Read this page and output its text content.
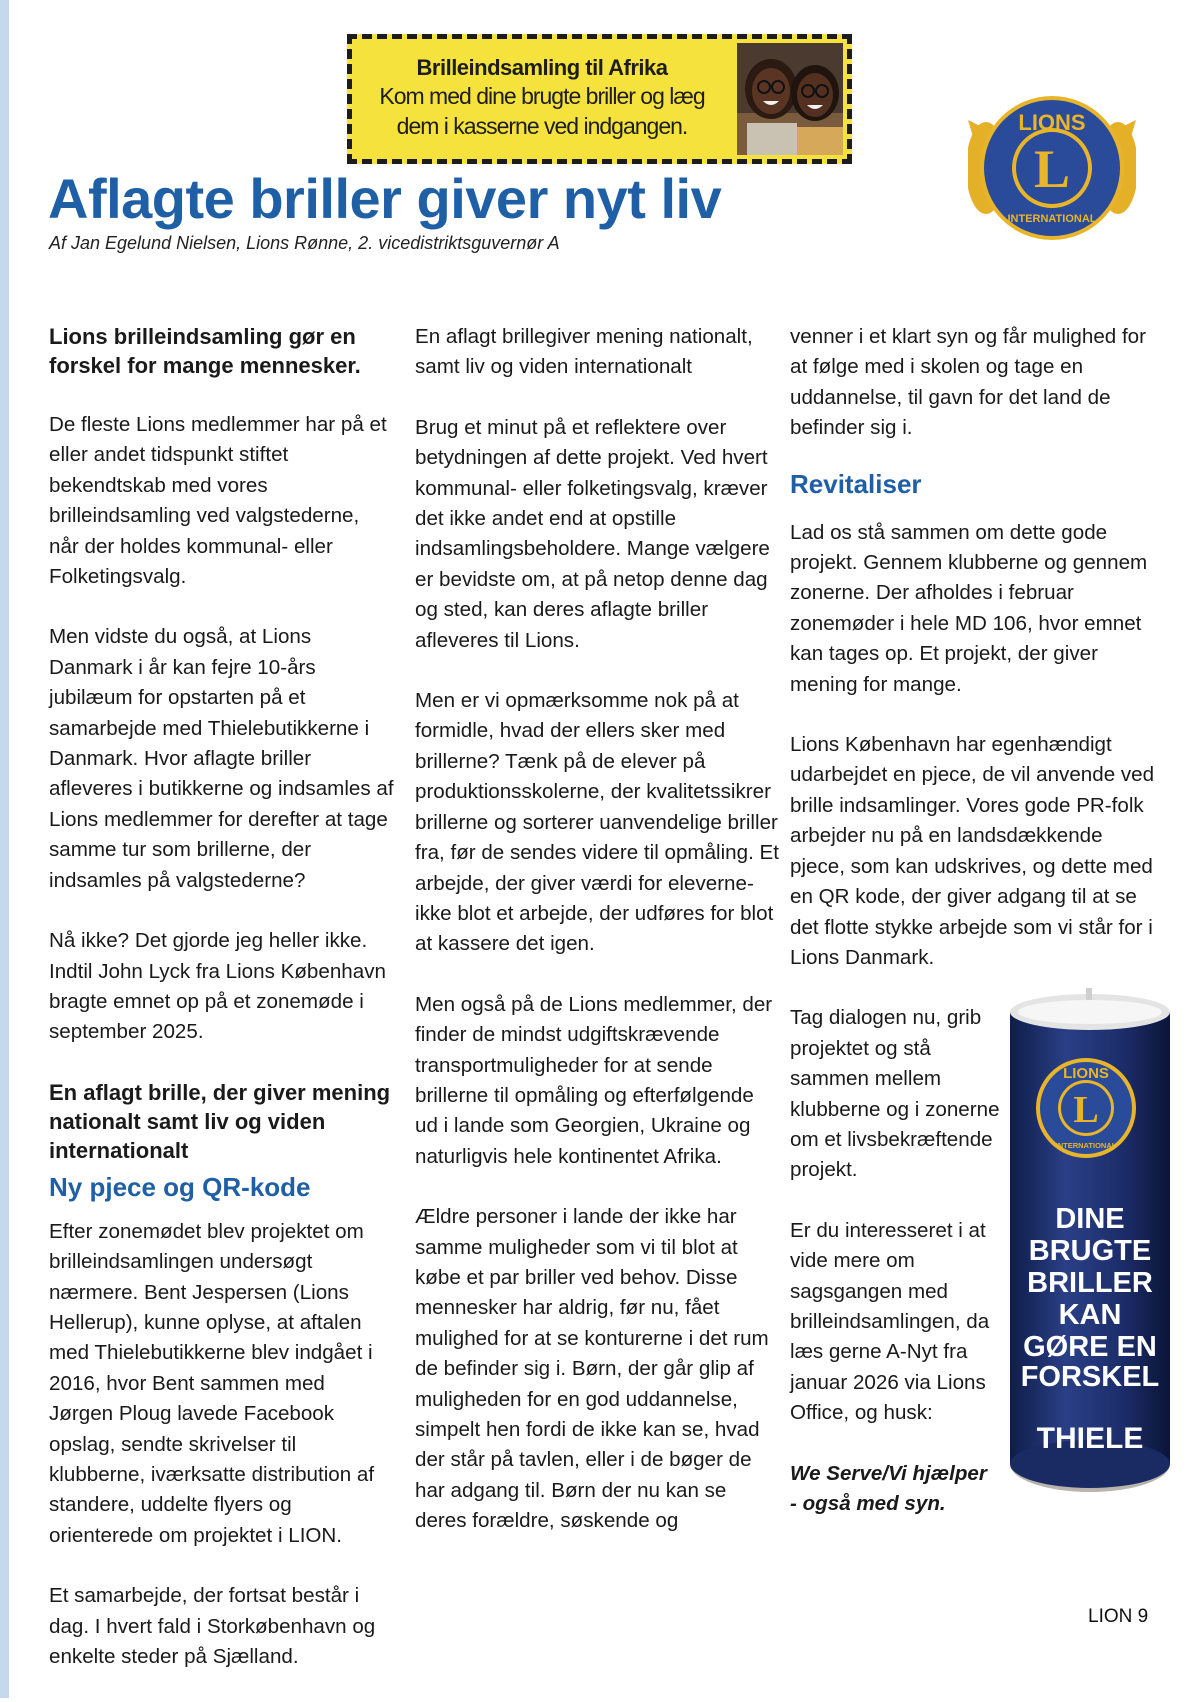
Brilleindsamling til Afrika
Kom med dine brugte briller og læg
dem i kasserne ved indgangen.
L
LIONS
INTERNATIONAL
Aflagte briller giver nyt liv

Af Jan Egelund Nielsen, Lions Rønne, 2. vicedistriktsguvernør A

Lions brilleindsamling gør en forskel for mange mennesker.

De fleste Lions medlemmer har på et eller andet tidspunkt stiftet bekendtskab med vores brilleindsamling ved valgstederne, når der holdes kommunal- eller Folketingsvalg.

Men vidste du også, at Lions Danmark i år kan fejre 10-års jubilæum for opstarten på et samarbejde med Thielebutikkerne i Danmark. Hvor aflagte briller afleveres i butikkerne og indsamles af Lions medlemmer for derefter at tage samme tur som brillerne, der indsamles på valgstederne?

Nå ikke? Det gjorde jeg heller ikke. Indtil John Lyck fra Lions København bragte emnet op på et zonemøde i september 2025.

En aflagt brille, der giver mening nationalt samt liv og viden internationalt

Ny pjece og QR-kode

Efter zonemødet blev projektet om brilleindsamlingen undersøgt nærmere. Bent Jespersen (Lions Hellerup), kunne oplyse, at aftalen med Thielebutikkerne blev indgået i 2016, hvor Bent sammen med Jørgen Ploug lavede Facebook opslag, sendte skrivelser til klubberne, iværksatte distribution af standere, uddelte flyers og orienterede om projektet i LION.

Et samarbejde, der fortsat består i dag. I hvert fald i Storkøbenhavn og enkelte steder på Sjælland.

En aflagt brillegiver mening nationalt, samt liv og viden internationalt

Brug et minut på et reflektere over betydningen af dette projekt. Ved hvert kommunal- eller folketingsvalg, kræver det ikke andet end at opstille indsamlingsbeholdere. Mange vælgere er bevidste om, at på netop denne dag og sted, kan deres aflagte briller afleveres til Lions.

Men er vi opmærksomme nok på at formidle, hvad der ellers sker med brillerne? Tænk på de elever på produktionsskolerne, der kvalitetssikrer brillerne og sorterer uanvendelige briller fra, før de sendes videre til opmåling. Et arbejde, der giver værdi for eleverne- ikke blot et arbejde, der udføres for blot at kassere det igen.

Men også på de Lions medlemmer, der finder de mindst udgiftskrævende transportmuligheder for at sende brillerne til opmåling og efterfølgende ud i lande som Georgien, Ukraine og naturligvis hele kontinentet Afrika.

Ældre personer i lande der ikke har samme muligheder som vi til blot at købe et par briller ved behov. Disse mennesker har aldrig, før nu, fået mulighed for at se konturerne i det rum de befinder sig i. Børn, der går glip af muligheden for en god uddannelse, simpelt hen fordi de ikke kan se, hvad der står på tavlen, eller i de bøger de har adgang til. Børn der nu kan se deres forældre, søskende og

venner i et klart syn og får mulighed for at følge med i skolen og tage en uddannelse, til gavn for det land de befinder sig i.

Revitaliser

Lad os stå sammen om dette gode projekt. Gennem klubberne og gennem zonerne. Der afholdes i februar zonemøder i hele MD 106, hvor emnet kan tages op. Et projekt, der giver mening for mange.

Lions København har egenhændigt udarbejdet en pjece, de vil anvende ved brille indsamlinger. Vores gode PR-folk arbejder nu på en landsdækkende pjece, som kan udskrives, og dette med en QR kode, der giver adgang til at se det flotte stykke arbejde som vi står for i Lions Danmark.

Tag dialogen nu, grib projektet og stå sammen mellem klubberne og i zonerne om et livsbekræftende projekt.

Er du interesseret i at vide mere om sagsgangen med brilleindsamlingen, da læs gerne A-Nyt fra januar 2026 via Lions Office, og husk:

We Serve/Vi hjælper
- også med syn.

L
LIONS
INTERNATIONAL
DINE
BRUGTE
BRILLER
KAN
GØRE EN
FORSKEL
THIELE
LION 9
